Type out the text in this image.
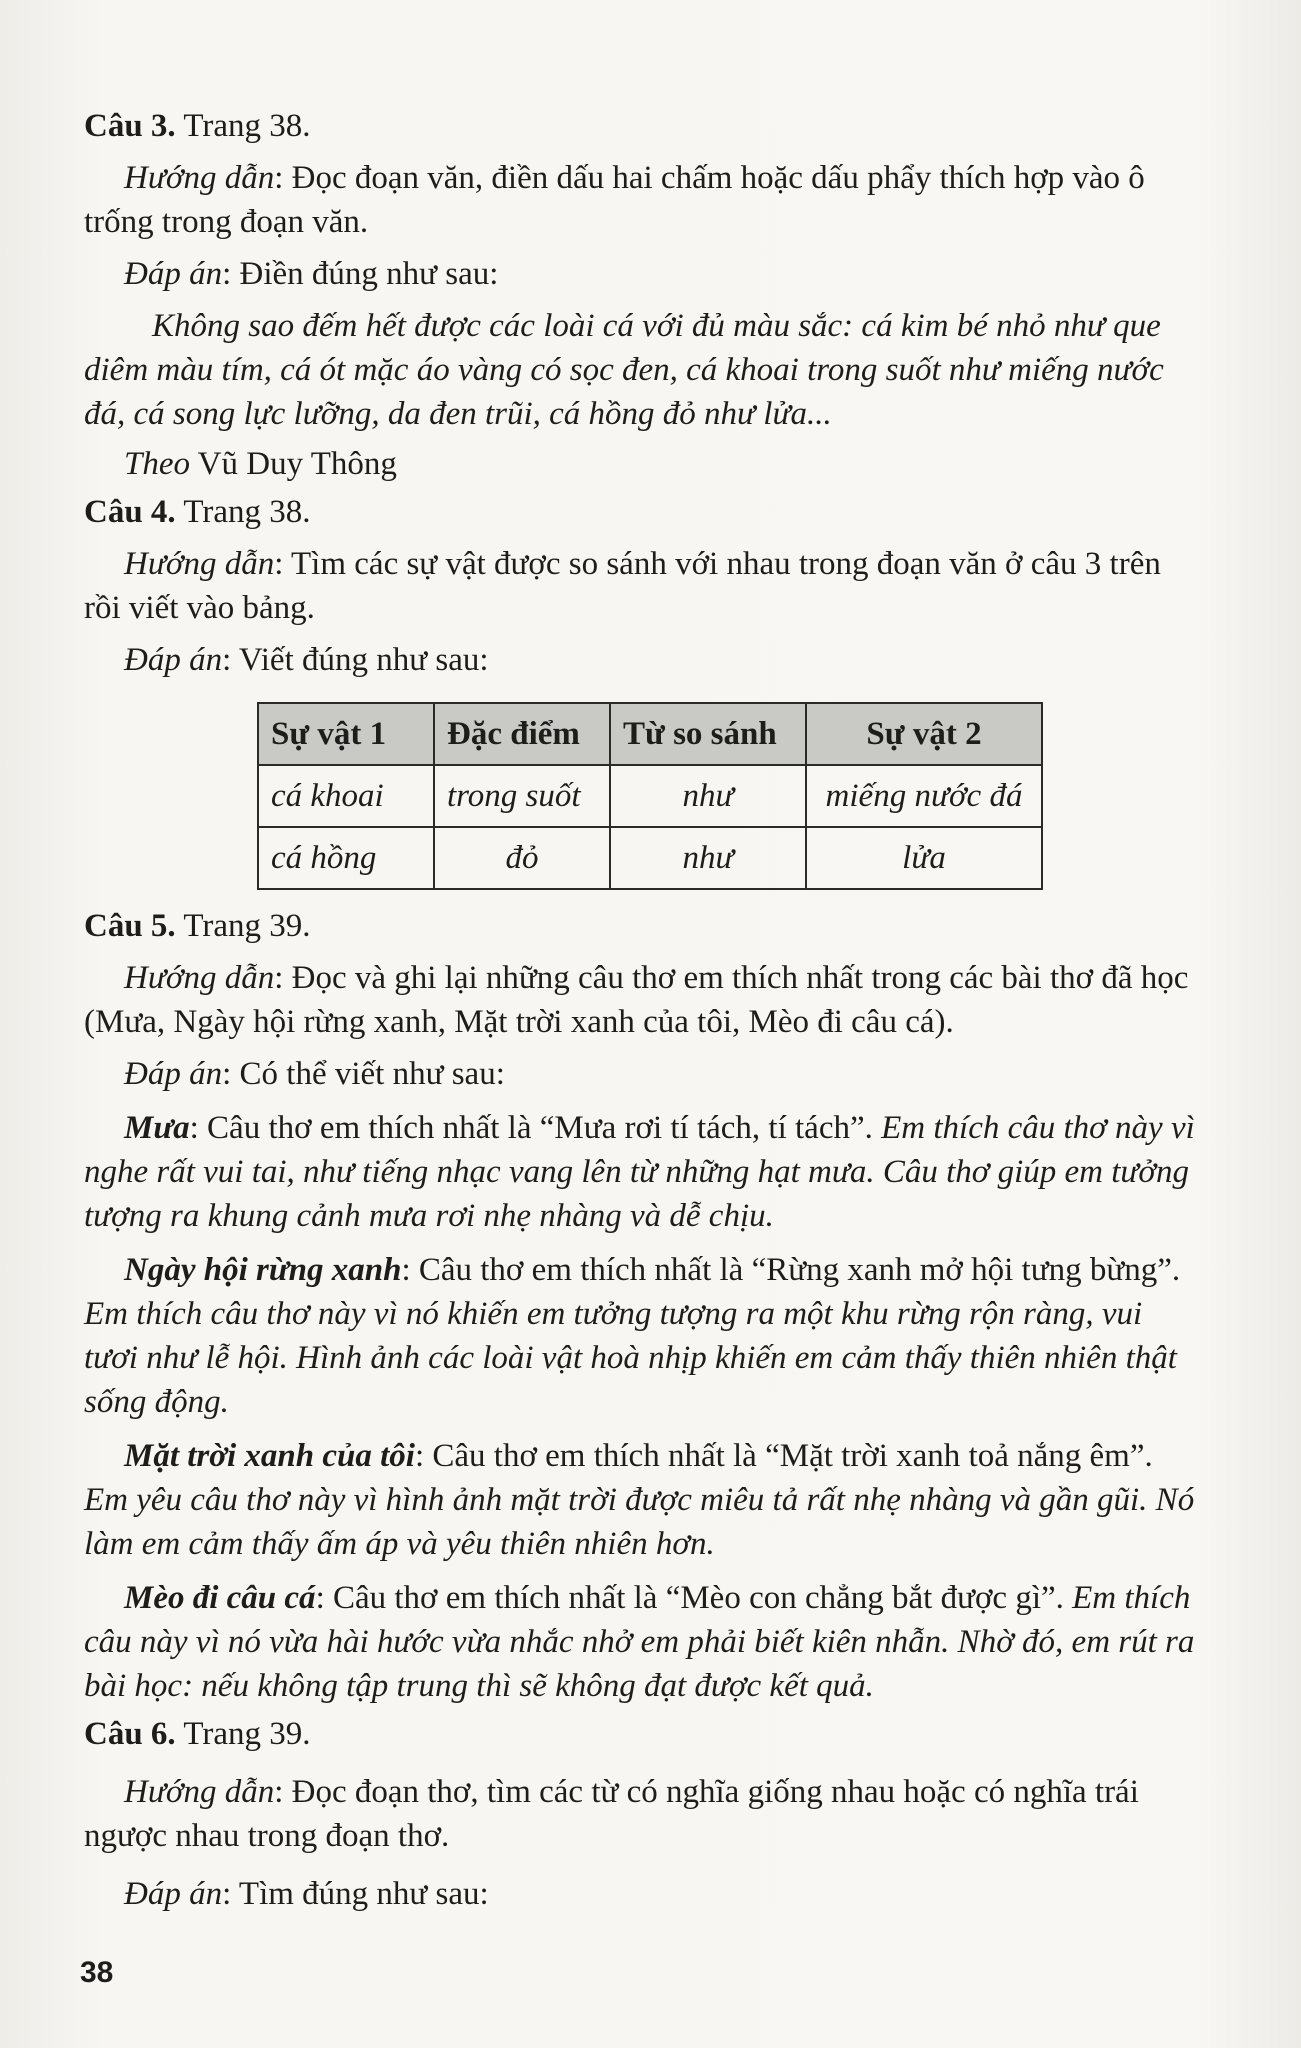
Câu 3. Trang 38.

Hướng dẫn: Đọc đoạn văn, điền dấu hai chấm hoặc dấu phẩy thích hợp vào ô trống trong đoạn văn.

Đáp án: Điền đúng như sau:

Không sao đếm hết được các loài cá với đủ màu sắc: cá kim bé nhỏ như que diêm màu tím, cá ót mặc áo vàng có sọc đen, cá khoai trong suốt như miếng nước đá, cá song lực lưỡng, da đen trũi, cá hồng đỏ như lửa...

Theo Vũ Duy Thông

Câu 4. Trang 38.

Hướng dẫn: Tìm các sự vật được so sánh với nhau trong đoạn văn ở câu 3 trên rồi viết vào bảng.

Đáp án: Viết đúng như sau:

Sự vật 1	Đặc điểm	Từ so sánh	Sự vật 2
cá khoai	trong suốt	như	miếng nước đá
cá hồng	đỏ	như	lửa

Câu 5. Trang 39.

Hướng dẫn: Đọc và ghi lại những câu thơ em thích nhất trong các bài thơ đã học (Mưa, Ngày hội rừng xanh, Mặt trời xanh của tôi, Mèo đi câu cá).

Đáp án: Có thể viết như sau:

Mưa: Câu thơ em thích nhất là “Mưa rơi tí tách, tí tách”. Em thích câu thơ này vì nghe rất vui tai, như tiếng nhạc vang lên từ những hạt mưa. Câu thơ giúp em tưởng tượng ra khung cảnh mưa rơi nhẹ nhàng và dễ chịu.

Ngày hội rừng xanh: Câu thơ em thích nhất là “Rừng xanh mở hội tưng bừng”. Em thích câu thơ này vì nó khiến em tưởng tượng ra một khu rừng rộn ràng, vui tươi như lễ hội. Hình ảnh các loài vật hoà nhịp khiến em cảm thấy thiên nhiên thật sống động.

Mặt trời xanh của tôi: Câu thơ em thích nhất là “Mặt trời xanh toả nắng êm”. Em yêu câu thơ này vì hình ảnh mặt trời được miêu tả rất nhẹ nhàng và gần gũi. Nó làm em cảm thấy ấm áp và yêu thiên nhiên hơn.

Mèo đi câu cá: Câu thơ em thích nhất là “Mèo con chẳng bắt được gì”. Em thích câu này vì nó vừa hài hước vừa nhắc nhở em phải biết kiên nhẫn. Nhờ đó, em rút ra bài học: nếu không tập trung thì sẽ không đạt được kết quả.

Câu 6. Trang 39.

Hướng dẫn: Đọc đoạn thơ, tìm các từ có nghĩa giống nhau hoặc có nghĩa trái ngược nhau trong đoạn thơ.

Đáp án: Tìm đúng như sau:

38
